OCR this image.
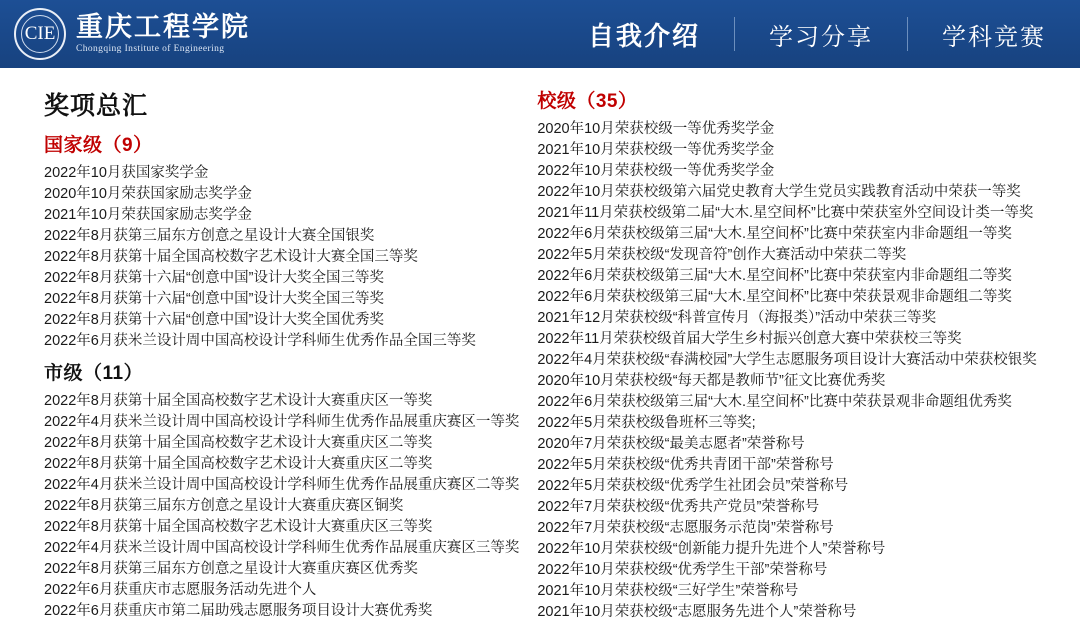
CIE 重庆工程学院
Chongqing Institute of Engineering	自我介绍	学习分享	学科竞赛
奖项总汇
国家级（9）
2022年10月获国家奖学金
2020年10月荣获国家励志奖学金
2021年10月荣获国家励志奖学金
2022年8月获第三届东方创意之星设计大赛全国银奖
2022年8月获第十届全国高校数字艺术设计大赛全国三等奖
2022年8月获第十六届“创意中国”设计大奖全国三等奖
2022年8月获第十六届“创意中国”设计大奖全国三等奖
2022年8月获第十六届“创意中国”设计大奖全国优秀奖
2022年6月获米兰设计周中国高校设计学科师生优秀作品全国三等奖
市级（11）
2022年8月获第十届全国高校数字艺术设计大赛重庆区一等奖
2022年4月获米兰设计周中国高校设计学科师生优秀作品展重庆赛区一等奖
2022年8月获第十届全国高校数字艺术设计大赛重庆区二等奖
2022年8月获第十届全国高校数字艺术设计大赛重庆区二等奖
2022年4月获米兰设计周中国高校设计学科师生优秀作品展重庆赛区二等奖
2022年8月获第三届东方创意之星设计大赛重庆赛区铜奖
2022年8月获第十届全国高校数字艺术设计大赛重庆区三等奖
2022年4月获米兰设计周中国高校设计学科师生优秀作品展重庆赛区三等奖
2022年8月获第三届东方创意之星设计大赛重庆赛区优秀奖
2022年6月获重庆市志愿服务活动先进个人
2022年6月获重庆市第二届助残志愿服务项目设计大赛优秀奖
校级（35）
2020年10月荣获校级一等优秀奖学金
2021年10月荣获校级一等优秀奖学金
2022年10月荣获校级一等优秀奖学金
2022年10月荣获校级第六届党史教育大学生党员实践教育活动中荣获一等奖
2021年11月荣获校级第二届“大木.星空间杯”比赛中荣获室外空间设计类一等奖
2022年6月荣获校级第三届“大木.星空间杯”比赛中荣获室内非命题组一等奖
2022年5月荣获校级“发现音符”创作大赛活动中荣获二等奖
2022年6月荣获校级第三届“大木.星空间杯”比赛中荣获室内非命题组二等奖
2022年6月荣获校级第三届“大木.星空间杯”比赛中荣获景观非命题组二等奖
2021年12月荣获校级“科普宣传月（海报类）”活动中荣获三等奖
2022年11月荣获校级首届大学生乡村振兴创意大赛中荣获校三等奖
2022年4月荣获校级“春满校园”大学生志愿服务项目设计大赛活动中荣获校银奖
2020年10月荣获校级“每天都是教师节”征文比赛优秀奖
2022年6月荣获校级第三届“大木.星空间杯”比赛中荣获景观非命题组优秀奖
2022年5月荣获校级鲁班杯三等奖;
2020年7月荣获校级“最美志愿者”荣誉称号
2022年5月荣获校级“优秀共青团干部”荣誉称号
2022年5月荣获校级“优秀学生社团会员”荣誉称号
2022年7月荣获校级“优秀共产党员”荣誉称号
2022年7月荣获校级“志愿服务示范岗”荣誉称号
2022年10月荣获校级“创新能力提升先进个人”荣誉称号
2022年10月荣获校级“优秀学生干部”荣誉称号
2021年10月荣获校级“三好学生”荣誉称号
2021年10月荣获校级“志愿服务先进个人”荣誉称号
